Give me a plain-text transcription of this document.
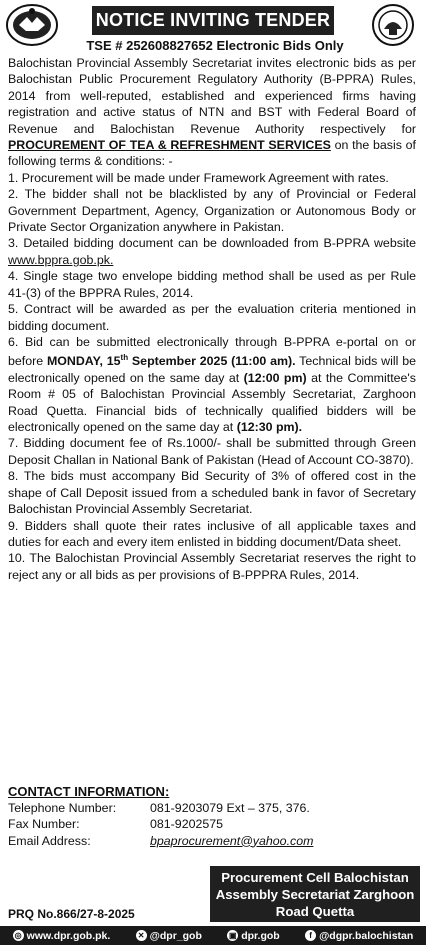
NOTICE INVITING TENDER
TSE # 252608827652 Electronic Bids Only

Balochistan Provincial Assembly Secretariat invites electronic bids as per Balochistan Public Procurement Regulatory Authority (B-PPRA) Rules, 2014 from well-reputed, established and experienced firms having registration and active status of NTN and BST with Federal Board of Revenue and Balochistan Revenue Authority respectively for PROCUREMENT OF TEA & REFRESHMENT SERVICES on the basis of following terms & conditions: -

1. Procurement will be made under Framework Agreement with rates.

2. The bidder shall not be blacklisted by any of Provincial or Federal Government Department, Agency, Organization or Autonomous Body or Private Sector Organization anywhere in Pakistan.

3. Detailed bidding document can be downloaded from B-PPRA website www.bppra.gob.pk.

4. Single stage two envelope bidding method shall be used as per Rule 41-(3) of the BPPRA Rules, 2014.

5. Contract will be awarded as per the evaluation criteria mentioned in bidding document.

6. Bid can be submitted electronically through B-PPRA e-portal on or before MONDAY, 15th September 2025 (11:00 am). Technical bids will be electronically opened on the same day at (12:00 pm) at the Committee's Room # 05 of Balochistan Provincial Assembly Secretariat, Zarghoon Road Quetta. Financial bids of technically qualified bidders will be electronically opened on the same day at (12:30 pm).

7. Bidding document fee of Rs.1000/- shall be submitted through Green Deposit Challan in National Bank of Pakistan (Head of Account CO-3870).

8. The bids must accompany Bid Security of 3% of offered cost in the shape of Call Deposit issued from a scheduled bank in favor of Secretary Balochistan Provincial Assembly Secretariat.

9. Bidders shall quote their rates inclusive of all applicable taxes and duties for each and every item enlisted in bidding document/Data sheet.

10. The Balochistan Provincial Assembly Secretariat reserves the right to reject any or all bids as per provisions of B-PPPRA Rules, 2014.

CONTACT INFORMATION:
Telephone Number:	081-9203079 Ext – 375, 376.
Fax Number:	081-9202575
Email Address:	bpaprocurement@yahoo.com
Procurement Cell Balochistan
Assembly Secretariat Zarghoon
Road Quetta
PRQ No.866/27-8-2025
◎ www.dpr.gob.pk.	✕ @dpr_gob	▣ dpr.gob	f @dgpr.balochistan
